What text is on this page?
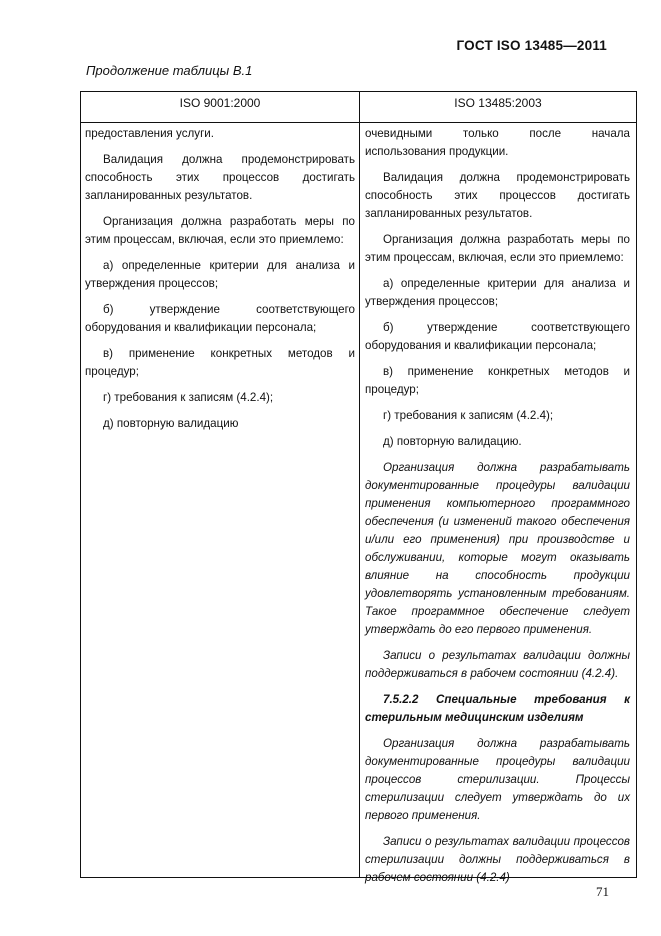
ГОСТ ISO 13485—2011
Продолжение таблицы В.1
ISO 9001:2000	ISO 13485:2003

предоставления услуги.

Валидация должна продемонстрировать способность этих процессов достигать запланированных результатов.

Организация должна разработать меры по этим процессам, включая, если это приемлемо:

а) определенные критерии для анализа и утверждения процессов;

б) утверждение соответствующего оборудования и квалификации персонала;

в) применение конкретных методов и процедур;

г) требования к записям (4.2.4);

д) повторную валидацию

очевидными только после начала использования продукции.

Валидация должна продемонстрировать способность этих процессов достигать запланированных результатов.

Организация должна разработать меры по этим процессам, включая, если это приемлемо:

а) определенные критерии для анализа и утверждения процессов;

б) утверждение соответствующего оборудования и квалификации персонала;

в) применение конкретных методов и процедур;

г) требования к записям (4.2.4);

д) повторную валидацию.

Организация должна разрабатывать документированные процедуры валидации применения компьютерного программного обеспечения (и изменений такого обеспечения и/или его применения) при производстве и обслуживании, которые могут оказывать влияние на способность продукции удовлетворять установленным требованиям. Такое программное обеспечение следует утверждать до его первого применения.

Записи о результатах валидации должны поддерживаться в рабочем состоянии (4.2.4).

7.5.2.2 Специальные требования к стерильным медицинским изделиям

Организация должна разрабатывать документированные процедуры валидации процессов стерилизации. Процессы стерилизации следует утверждать до их первого применения.

Записи о результатах валидации процессов стерилизации должны поддерживаться в рабочем состоянии (4.2.4)

71
